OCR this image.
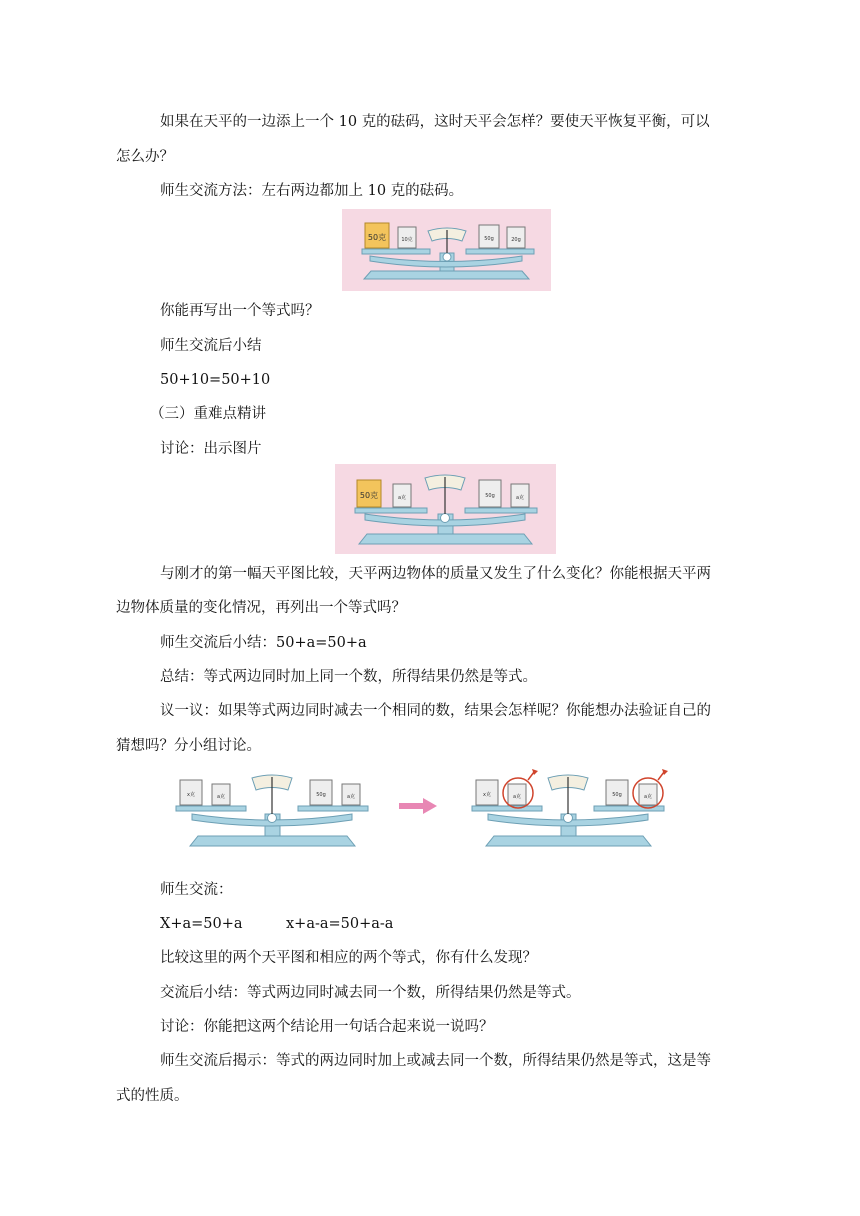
如果在天平的一边添上一个 10 克的砝码，这时天平会怎样？要使天平恢复平衡，可以
怎么办？
师生交流方法：左右两边都加上 10 克的砝码。
50克	10克	50g	20g
你能再写出一个等式吗？
师生交流后小结
50+10=50+10
（三）重难点精讲
讨论：出示图片
50克	a克	50g	a克
与刚才的第一幅天平图比较，天平两边物体的质量又发生了什么变化？你能根据天平两
边物体质量的变化情况，再列出一个等式吗？
师生交流后小结：50+a=50+a
总结：等式两边同时加上同一个数，所得结果仍然是等式。
议一议：如果等式两边同时减去一个相同的数，结果会怎样呢？你能想办法验证自己的
猜想吗？分小组讨论。
x克	a克	50g	a克	x克	a克	50g	a克
师生交流：
X+a=50+a	x+a-a=50+a-a
比较这里的两个天平图和相应的两个等式，你有什么发现？
交流后小结：等式两边同时减去同一个数，所得结果仍然是等式。
讨论：你能把这两个结论用一句话合起来说一说吗？
师生交流后揭示：等式的两边同时加上或减去同一个数，所得结果仍然是等式，这是等
式的性质。
